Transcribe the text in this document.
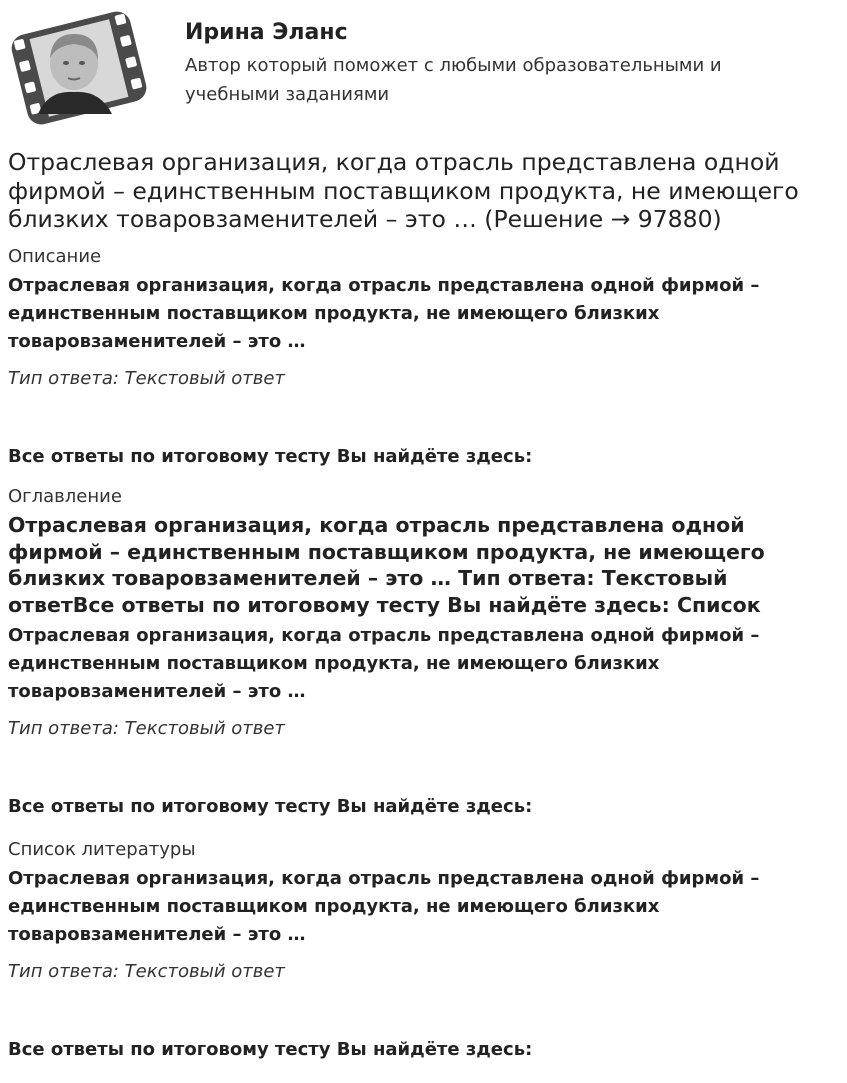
Ирина Эланс
Автор который поможет с любыми образовательными и учебными заданиями
Отраслевая организация, когда отрасль представлена одной фирмой – единственным поставщиком продукта, не имеющего близких товаровзаменителей – это … (Решение → 97880)
Описание
Отраслевая организация, когда отрасль представлена одной фирмой – единственным поставщиком продукта, не имеющего близких товаровзаменителей – это …
Тип ответа: Текстовый ответ
Все ответы по итоговому тесту Вы найдёте здесь:
Оглавление
Отраслевая организация, когда отрасль представлена одной фирмой – единственным поставщиком продукта, не имеющего близких товаровзаменителей – это … Тип ответа: Текстовый ответВсе ответы по итоговому тесту Вы найдёте здесь: Список
Отраслевая организация, когда отрасль представлена одной фирмой – единственным поставщиком продукта, не имеющего близких товаровзаменителей – это …
Тип ответа: Текстовый ответ
Все ответы по итоговому тесту Вы найдёте здесь:
Список литературы
Отраслевая организация, когда отрасль представлена одной фирмой – единственным поставщиком продукта, не имеющего близких товаровзаменителей – это …
Тип ответа: Текстовый ответ
Все ответы по итоговому тесту Вы найдёте здесь:
